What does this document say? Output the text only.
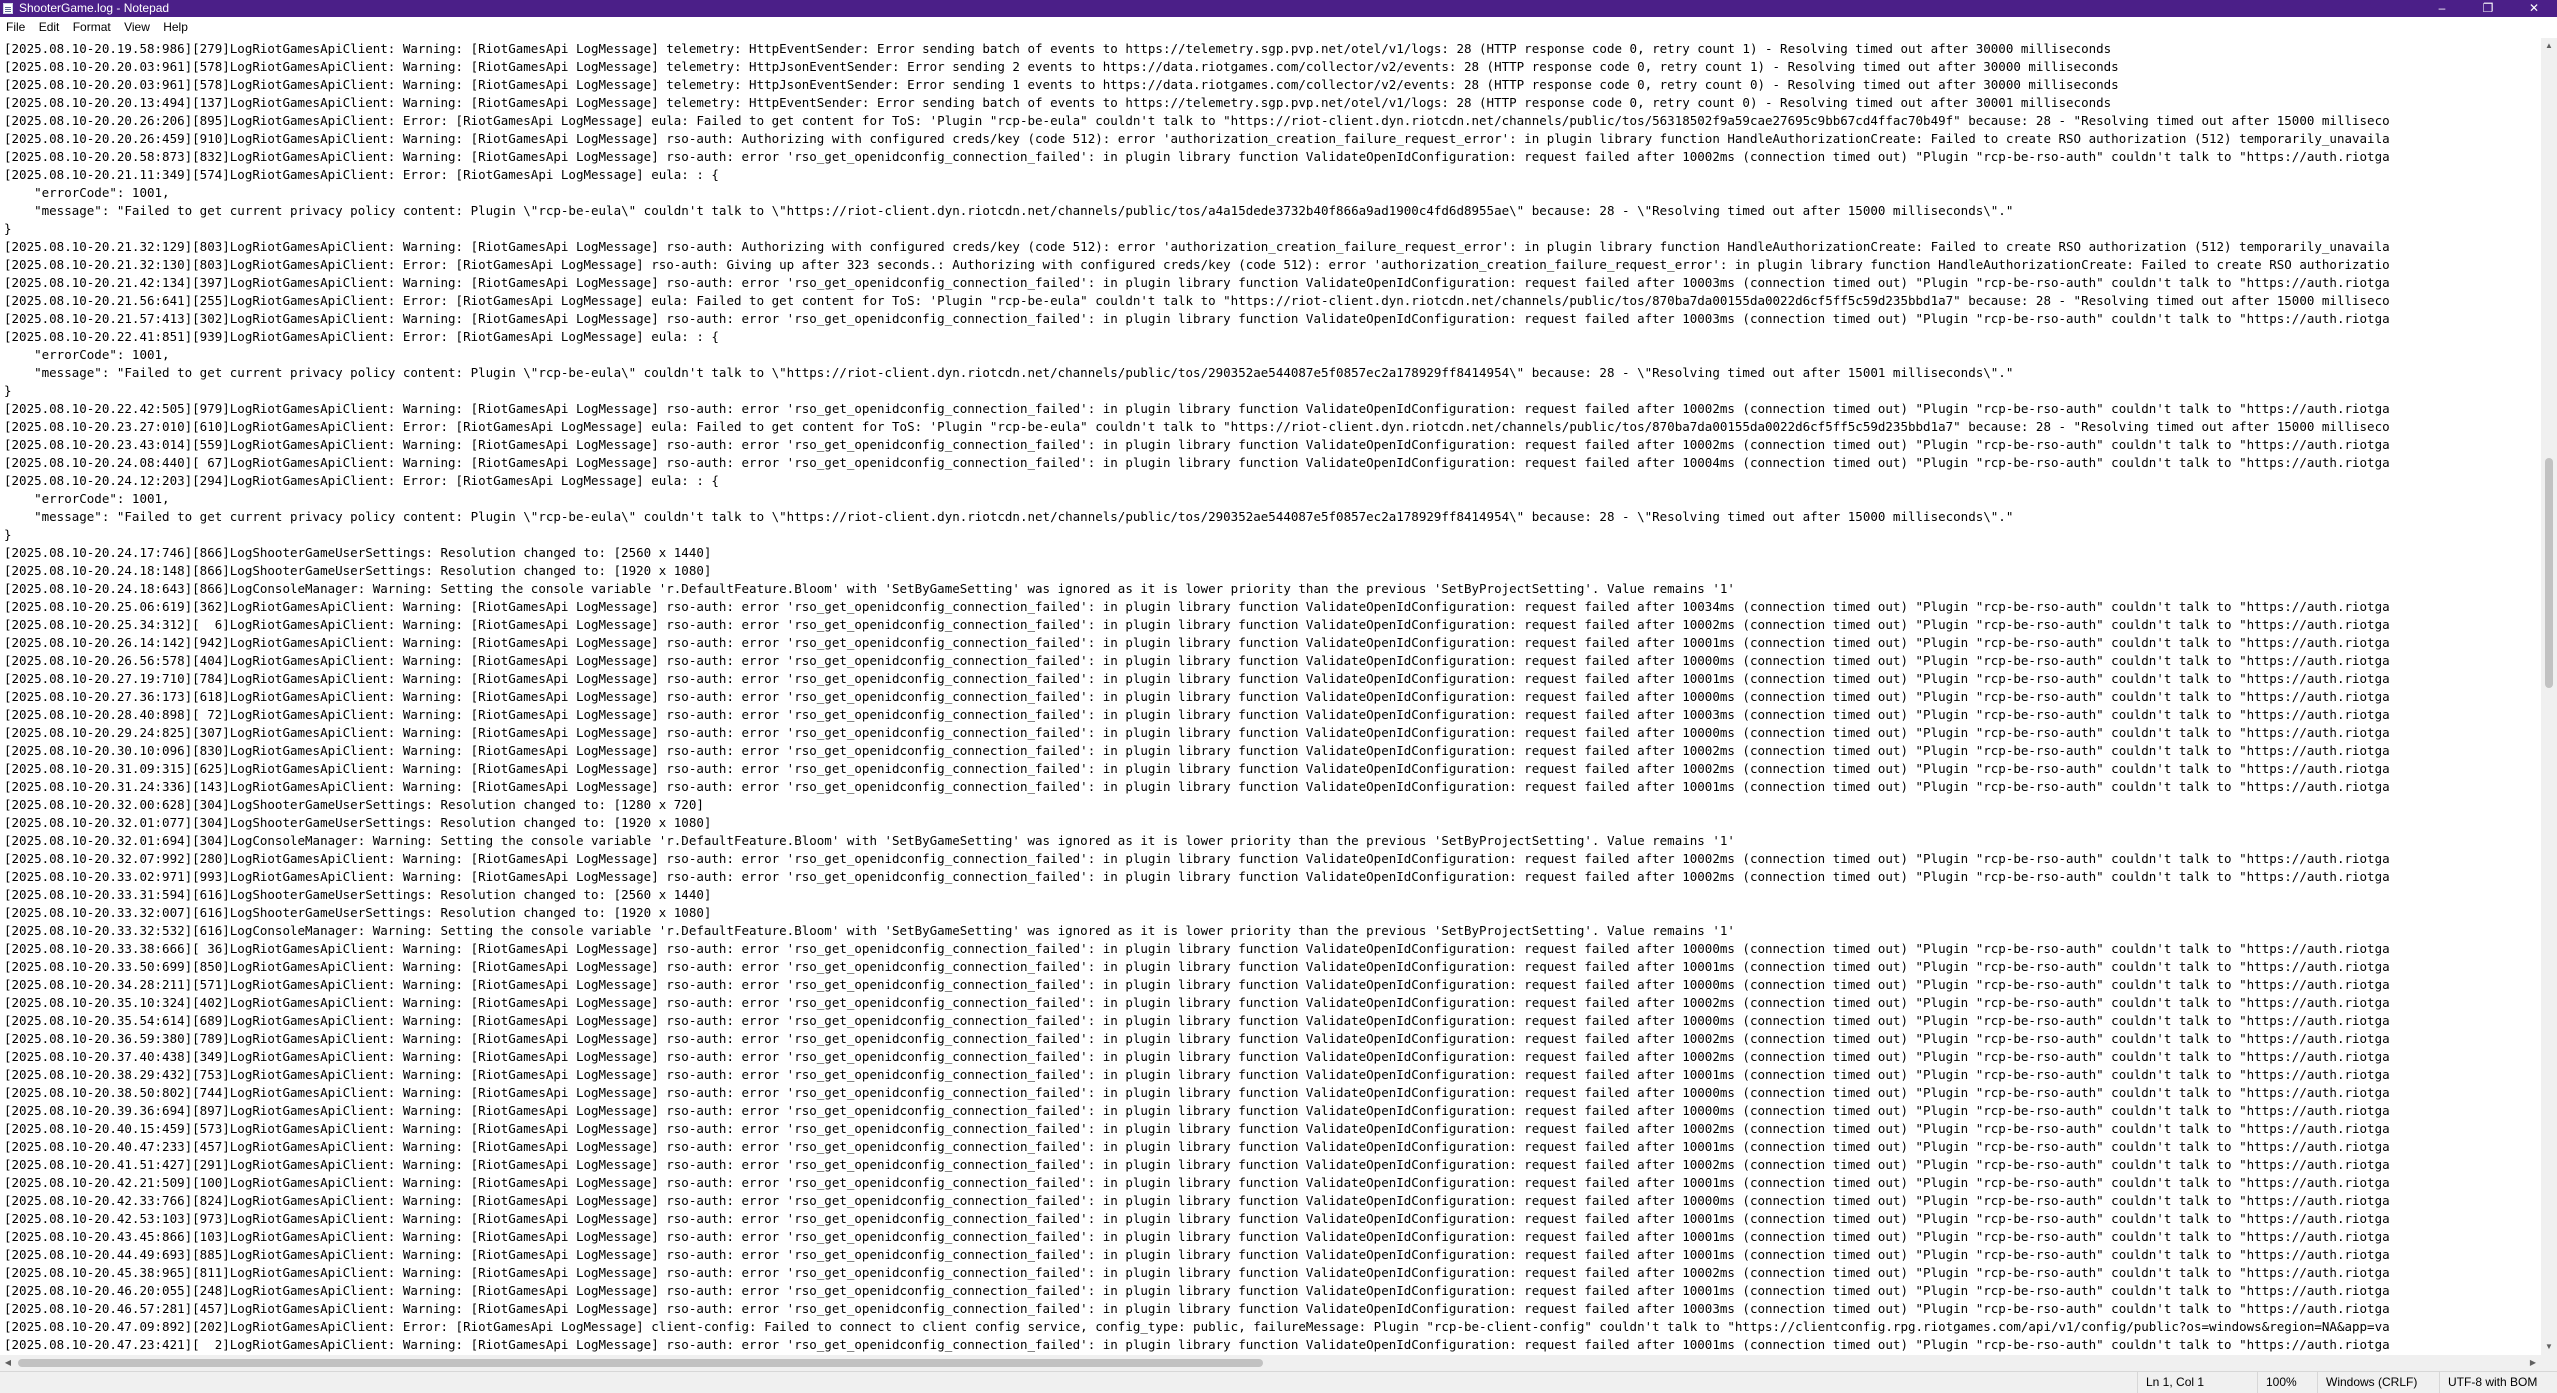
ShooterGame.log - Notepad	–	❐	✕
File Edit Format View Help
[2025.08.10-20.19.58:986][279]LogRiotGamesApiClient: Warning: [RiotGamesApi LogMessage] telemetry: HttpEventSender: Error sending batch of events to https://telemetry.sgp.pvp.net/otel/v1/logs: 28 (HTTP response code 0, retry count 1) - Resolving timed out after 30000 milliseconds
[2025.08.10-20.20.03:961][578]LogRiotGamesApiClient: Warning: [RiotGamesApi LogMessage] telemetry: HttpJsonEventSender: Error sending 2 events to https://data.riotgames.com/collector/v2/events: 28 (HTTP response code 0, retry count 1) - Resolving timed out after 30000 milliseconds
[2025.08.10-20.20.03:961][578]LogRiotGamesApiClient: Warning: [RiotGamesApi LogMessage] telemetry: HttpJsonEventSender: Error sending 1 events to https://data.riotgames.com/collector/v2/events: 28 (HTTP response code 0, retry count 0) - Resolving timed out after 30000 milliseconds
[2025.08.10-20.20.13:494][137]LogRiotGamesApiClient: Warning: [RiotGamesApi LogMessage] telemetry: HttpEventSender: Error sending batch of events to https://telemetry.sgp.pvp.net/otel/v1/logs: 28 (HTTP response code 0, retry count 0) - Resolving timed out after 30001 milliseconds
[2025.08.10-20.20.26:206][895]LogRiotGamesApiClient: Error: [RiotGamesApi LogMessage] eula: Failed to get content for ToS: 'Plugin "rcp-be-eula" couldn't talk to "https://riot-client.dyn.riotcdn.net/channels/public/tos/56318502f9a59cae27695c9bb67cd4ffac70b49f" because: 28 - "Resolving timed out after 15000 milliseco
[2025.08.10-20.20.26:459][910]LogRiotGamesApiClient: Warning: [RiotGamesApi LogMessage] rso-auth: Authorizing with configured creds/key (code 512): error 'authorization_creation_failure_request_error': in plugin library function HandleAuthorizationCreate: Failed to create RSO authorization (512) temporarily_unavaila
[2025.08.10-20.20.58:873][832]LogRiotGamesApiClient: Warning: [RiotGamesApi LogMessage] rso-auth: error 'rso_get_openidconfig_connection_failed': in plugin library function ValidateOpenIdConfiguration: request failed after 10002ms (connection timed out) "Plugin "rcp-be-rso-auth" couldn't talk to "https://auth.riotga
[2025.08.10-20.21.11:349][574]LogRiotGamesApiClient: Error: [RiotGamesApi LogMessage] eula: : {
"errorCode": 1001,
"message": "Failed to get current privacy policy content: Plugin \"rcp-be-eula\" couldn't talk to \"https://riot-client.dyn.riotcdn.net/channels/public/tos/a4a15dede3732b40f866a9ad1900c4fd6d8955ae\" because: 28 - \"Resolving timed out after 15000 milliseconds\"."
}
[2025.08.10-20.21.32:129][803]LogRiotGamesApiClient: Warning: [RiotGamesApi LogMessage] rso-auth: Authorizing with configured creds/key (code 512): error 'authorization_creation_failure_request_error': in plugin library function HandleAuthorizationCreate: Failed to create RSO authorization (512) temporarily_unavaila
[2025.08.10-20.21.32:130][803]LogRiotGamesApiClient: Error: [RiotGamesApi LogMessage] rso-auth: Giving up after 323 seconds.: Authorizing with configured creds/key (code 512): error 'authorization_creation_failure_request_error': in plugin library function HandleAuthorizationCreate: Failed to create RSO authorizatio
[2025.08.10-20.21.42:134][397]LogRiotGamesApiClient: Warning: [RiotGamesApi LogMessage] rso-auth: error 'rso_get_openidconfig_connection_failed': in plugin library function ValidateOpenIdConfiguration: request failed after 10003ms (connection timed out) "Plugin "rcp-be-rso-auth" couldn't talk to "https://auth.riotga
[2025.08.10-20.21.56:641][255]LogRiotGamesApiClient: Error: [RiotGamesApi LogMessage] eula: Failed to get content for ToS: 'Plugin "rcp-be-eula" couldn't talk to "https://riot-client.dyn.riotcdn.net/channels/public/tos/870ba7da00155da0022d6cf5ff5c59d235bbd1a7" because: 28 - "Resolving timed out after 15000 milliseco
[2025.08.10-20.21.57:413][302]LogRiotGamesApiClient: Warning: [RiotGamesApi LogMessage] rso-auth: error 'rso_get_openidconfig_connection_failed': in plugin library function ValidateOpenIdConfiguration: request failed after 10003ms (connection timed out) "Plugin "rcp-be-rso-auth" couldn't talk to "https://auth.riotga
[2025.08.10-20.22.41:851][939]LogRiotGamesApiClient: Error: [RiotGamesApi LogMessage] eula: : {
"errorCode": 1001,
"message": "Failed to get current privacy policy content: Plugin \"rcp-be-eula\" couldn't talk to \"https://riot-client.dyn.riotcdn.net/channels/public/tos/290352ae544087e5f0857ec2a178929ff8414954\" because: 28 - \"Resolving timed out after 15001 milliseconds\"."
}
[2025.08.10-20.22.42:505][979]LogRiotGamesApiClient: Warning: [RiotGamesApi LogMessage] rso-auth: error 'rso_get_openidconfig_connection_failed': in plugin library function ValidateOpenIdConfiguration: request failed after 10002ms (connection timed out) "Plugin "rcp-be-rso-auth" couldn't talk to "https://auth.riotga
[2025.08.10-20.23.27:010][610]LogRiotGamesApiClient: Error: [RiotGamesApi LogMessage] eula: Failed to get content for ToS: 'Plugin "rcp-be-eula" couldn't talk to "https://riot-client.dyn.riotcdn.net/channels/public/tos/870ba7da00155da0022d6cf5ff5c59d235bbd1a7" because: 28 - "Resolving timed out after 15000 milliseco
[2025.08.10-20.23.43:014][559]LogRiotGamesApiClient: Warning: [RiotGamesApi LogMessage] rso-auth: error 'rso_get_openidconfig_connection_failed': in plugin library function ValidateOpenIdConfiguration: request failed after 10002ms (connection timed out) "Plugin "rcp-be-rso-auth" couldn't talk to "https://auth.riotga
[2025.08.10-20.24.08:440][ 67]LogRiotGamesApiClient: Warning: [RiotGamesApi LogMessage] rso-auth: error 'rso_get_openidconfig_connection_failed': in plugin library function ValidateOpenIdConfiguration: request failed after 10004ms (connection timed out) "Plugin "rcp-be-rso-auth" couldn't talk to "https://auth.riotga
[2025.08.10-20.24.12:203][294]LogRiotGamesApiClient: Error: [RiotGamesApi LogMessage] eula: : {
"errorCode": 1001,
"message": "Failed to get current privacy policy content: Plugin \"rcp-be-eula\" couldn't talk to \"https://riot-client.dyn.riotcdn.net/channels/public/tos/290352ae544087e5f0857ec2a178929ff8414954\" because: 28 - \"Resolving timed out after 15000 milliseconds\"."
}
[2025.08.10-20.24.17:746][866]LogShooterGameUserSettings: Resolution changed to: [2560 x 1440]
[2025.08.10-20.24.18:148][866]LogShooterGameUserSettings: Resolution changed to: [1920 x 1080]
[2025.08.10-20.24.18:643][866]LogConsoleManager: Warning: Setting the console variable 'r.DefaultFeature.Bloom' with 'SetByGameSetting' was ignored as it is lower priority than the previous 'SetByProjectSetting'. Value remains '1'
[2025.08.10-20.25.06:619][362]LogRiotGamesApiClient: Warning: [RiotGamesApi LogMessage] rso-auth: error 'rso_get_openidconfig_connection_failed': in plugin library function ValidateOpenIdConfiguration: request failed after 10034ms (connection timed out) "Plugin "rcp-be-rso-auth" couldn't talk to "https://auth.riotga
[2025.08.10-20.25.34:312][  6]LogRiotGamesApiClient: Warning: [RiotGamesApi LogMessage] rso-auth: error 'rso_get_openidconfig_connection_failed': in plugin library function ValidateOpenIdConfiguration: request failed after 10002ms (connection timed out) "Plugin "rcp-be-rso-auth" couldn't talk to "https://auth.riotga
[2025.08.10-20.26.14:142][942]LogRiotGamesApiClient: Warning: [RiotGamesApi LogMessage] rso-auth: error 'rso_get_openidconfig_connection_failed': in plugin library function ValidateOpenIdConfiguration: request failed after 10001ms (connection timed out) "Plugin "rcp-be-rso-auth" couldn't talk to "https://auth.riotga
[2025.08.10-20.26.56:578][404]LogRiotGamesApiClient: Warning: [RiotGamesApi LogMessage] rso-auth: error 'rso_get_openidconfig_connection_failed': in plugin library function ValidateOpenIdConfiguration: request failed after 10000ms (connection timed out) "Plugin "rcp-be-rso-auth" couldn't talk to "https://auth.riotga
[2025.08.10-20.27.19:710][784]LogRiotGamesApiClient: Warning: [RiotGamesApi LogMessage] rso-auth: error 'rso_get_openidconfig_connection_failed': in plugin library function ValidateOpenIdConfiguration: request failed after 10001ms (connection timed out) "Plugin "rcp-be-rso-auth" couldn't talk to "https://auth.riotga
[2025.08.10-20.27.36:173][618]LogRiotGamesApiClient: Warning: [RiotGamesApi LogMessage] rso-auth: error 'rso_get_openidconfig_connection_failed': in plugin library function ValidateOpenIdConfiguration: request failed after 10000ms (connection timed out) "Plugin "rcp-be-rso-auth" couldn't talk to "https://auth.riotga
[2025.08.10-20.28.40:898][ 72]LogRiotGamesApiClient: Warning: [RiotGamesApi LogMessage] rso-auth: error 'rso_get_openidconfig_connection_failed': in plugin library function ValidateOpenIdConfiguration: request failed after 10003ms (connection timed out) "Plugin "rcp-be-rso-auth" couldn't talk to "https://auth.riotga
[2025.08.10-20.29.24:825][307]LogRiotGamesApiClient: Warning: [RiotGamesApi LogMessage] rso-auth: error 'rso_get_openidconfig_connection_failed': in plugin library function ValidateOpenIdConfiguration: request failed after 10000ms (connection timed out) "Plugin "rcp-be-rso-auth" couldn't talk to "https://auth.riotga
[2025.08.10-20.30.10:096][830]LogRiotGamesApiClient: Warning: [RiotGamesApi LogMessage] rso-auth: error 'rso_get_openidconfig_connection_failed': in plugin library function ValidateOpenIdConfiguration: request failed after 10002ms (connection timed out) "Plugin "rcp-be-rso-auth" couldn't talk to "https://auth.riotga
[2025.08.10-20.31.09:315][625]LogRiotGamesApiClient: Warning: [RiotGamesApi LogMessage] rso-auth: error 'rso_get_openidconfig_connection_failed': in plugin library function ValidateOpenIdConfiguration: request failed after 10002ms (connection timed out) "Plugin "rcp-be-rso-auth" couldn't talk to "https://auth.riotga
[2025.08.10-20.31.24:336][143]LogRiotGamesApiClient: Warning: [RiotGamesApi LogMessage] rso-auth: error 'rso_get_openidconfig_connection_failed': in plugin library function ValidateOpenIdConfiguration: request failed after 10001ms (connection timed out) "Plugin "rcp-be-rso-auth" couldn't talk to "https://auth.riotga
[2025.08.10-20.32.00:628][304]LogShooterGameUserSettings: Resolution changed to: [1280 x 720]
[2025.08.10-20.32.01:077][304]LogShooterGameUserSettings: Resolution changed to: [1920 x 1080]
[2025.08.10-20.32.01:694][304]LogConsoleManager: Warning: Setting the console variable 'r.DefaultFeature.Bloom' with 'SetByGameSetting' was ignored as it is lower priority than the previous 'SetByProjectSetting'. Value remains '1'
[2025.08.10-20.32.07:992][280]LogRiotGamesApiClient: Warning: [RiotGamesApi LogMessage] rso-auth: error 'rso_get_openidconfig_connection_failed': in plugin library function ValidateOpenIdConfiguration: request failed after 10002ms (connection timed out) "Plugin "rcp-be-rso-auth" couldn't talk to "https://auth.riotga
[2025.08.10-20.33.02:971][993]LogRiotGamesApiClient: Warning: [RiotGamesApi LogMessage] rso-auth: error 'rso_get_openidconfig_connection_failed': in plugin library function ValidateOpenIdConfiguration: request failed after 10002ms (connection timed out) "Plugin "rcp-be-rso-auth" couldn't talk to "https://auth.riotga
[2025.08.10-20.33.31:594][616]LogShooterGameUserSettings: Resolution changed to: [2560 x 1440]
[2025.08.10-20.33.32:007][616]LogShooterGameUserSettings: Resolution changed to: [1920 x 1080]
[2025.08.10-20.33.32:532][616]LogConsoleManager: Warning: Setting the console variable 'r.DefaultFeature.Bloom' with 'SetByGameSetting' was ignored as it is lower priority than the previous 'SetByProjectSetting'. Value remains '1'
[2025.08.10-20.33.38:666][ 36]LogRiotGamesApiClient: Warning: [RiotGamesApi LogMessage] rso-auth: error 'rso_get_openidconfig_connection_failed': in plugin library function ValidateOpenIdConfiguration: request failed after 10000ms (connection timed out) "Plugin "rcp-be-rso-auth" couldn't talk to "https://auth.riotga
[2025.08.10-20.33.50:699][850]LogRiotGamesApiClient: Warning: [RiotGamesApi LogMessage] rso-auth: error 'rso_get_openidconfig_connection_failed': in plugin library function ValidateOpenIdConfiguration: request failed after 10001ms (connection timed out) "Plugin "rcp-be-rso-auth" couldn't talk to "https://auth.riotga
[2025.08.10-20.34.28:211][571]LogRiotGamesApiClient: Warning: [RiotGamesApi LogMessage] rso-auth: error 'rso_get_openidconfig_connection_failed': in plugin library function ValidateOpenIdConfiguration: request failed after 10000ms (connection timed out) "Plugin "rcp-be-rso-auth" couldn't talk to "https://auth.riotga
[2025.08.10-20.35.10:324][402]LogRiotGamesApiClient: Warning: [RiotGamesApi LogMessage] rso-auth: error 'rso_get_openidconfig_connection_failed': in plugin library function ValidateOpenIdConfiguration: request failed after 10002ms (connection timed out) "Plugin "rcp-be-rso-auth" couldn't talk to "https://auth.riotga
[2025.08.10-20.35.54:614][689]LogRiotGamesApiClient: Warning: [RiotGamesApi LogMessage] rso-auth: error 'rso_get_openidconfig_connection_failed': in plugin library function ValidateOpenIdConfiguration: request failed after 10000ms (connection timed out) "Plugin "rcp-be-rso-auth" couldn't talk to "https://auth.riotga
[2025.08.10-20.36.59:380][789]LogRiotGamesApiClient: Warning: [RiotGamesApi LogMessage] rso-auth: error 'rso_get_openidconfig_connection_failed': in plugin library function ValidateOpenIdConfiguration: request failed after 10002ms (connection timed out) "Plugin "rcp-be-rso-auth" couldn't talk to "https://auth.riotga
[2025.08.10-20.37.40:438][349]LogRiotGamesApiClient: Warning: [RiotGamesApi LogMessage] rso-auth: error 'rso_get_openidconfig_connection_failed': in plugin library function ValidateOpenIdConfiguration: request failed after 10002ms (connection timed out) "Plugin "rcp-be-rso-auth" couldn't talk to "https://auth.riotga
[2025.08.10-20.38.29:432][753]LogRiotGamesApiClient: Warning: [RiotGamesApi LogMessage] rso-auth: error 'rso_get_openidconfig_connection_failed': in plugin library function ValidateOpenIdConfiguration: request failed after 10001ms (connection timed out) "Plugin "rcp-be-rso-auth" couldn't talk to "https://auth.riotga
[2025.08.10-20.38.50:802][744]LogRiotGamesApiClient: Warning: [RiotGamesApi LogMessage] rso-auth: error 'rso_get_openidconfig_connection_failed': in plugin library function ValidateOpenIdConfiguration: request failed after 10000ms (connection timed out) "Plugin "rcp-be-rso-auth" couldn't talk to "https://auth.riotga
[2025.08.10-20.39.36:694][897]LogRiotGamesApiClient: Warning: [RiotGamesApi LogMessage] rso-auth: error 'rso_get_openidconfig_connection_failed': in plugin library function ValidateOpenIdConfiguration: request failed after 10000ms (connection timed out) "Plugin "rcp-be-rso-auth" couldn't talk to "https://auth.riotga
[2025.08.10-20.40.15:459][573]LogRiotGamesApiClient: Warning: [RiotGamesApi LogMessage] rso-auth: error 'rso_get_openidconfig_connection_failed': in plugin library function ValidateOpenIdConfiguration: request failed after 10002ms (connection timed out) "Plugin "rcp-be-rso-auth" couldn't talk to "https://auth.riotga
[2025.08.10-20.40.47:233][457]LogRiotGamesApiClient: Warning: [RiotGamesApi LogMessage] rso-auth: error 'rso_get_openidconfig_connection_failed': in plugin library function ValidateOpenIdConfiguration: request failed after 10001ms (connection timed out) "Plugin "rcp-be-rso-auth" couldn't talk to "https://auth.riotga
[2025.08.10-20.41.51:427][291]LogRiotGamesApiClient: Warning: [RiotGamesApi LogMessage] rso-auth: error 'rso_get_openidconfig_connection_failed': in plugin library function ValidateOpenIdConfiguration: request failed after 10002ms (connection timed out) "Plugin "rcp-be-rso-auth" couldn't talk to "https://auth.riotga
[2025.08.10-20.42.21:509][100]LogRiotGamesApiClient: Warning: [RiotGamesApi LogMessage] rso-auth: error 'rso_get_openidconfig_connection_failed': in plugin library function ValidateOpenIdConfiguration: request failed after 10001ms (connection timed out) "Plugin "rcp-be-rso-auth" couldn't talk to "https://auth.riotga
[2025.08.10-20.42.33:766][824]LogRiotGamesApiClient: Warning: [RiotGamesApi LogMessage] rso-auth: error 'rso_get_openidconfig_connection_failed': in plugin library function ValidateOpenIdConfiguration: request failed after 10000ms (connection timed out) "Plugin "rcp-be-rso-auth" couldn't talk to "https://auth.riotga
[2025.08.10-20.42.53:103][973]LogRiotGamesApiClient: Warning: [RiotGamesApi LogMessage] rso-auth: error 'rso_get_openidconfig_connection_failed': in plugin library function ValidateOpenIdConfiguration: request failed after 10001ms (connection timed out) "Plugin "rcp-be-rso-auth" couldn't talk to "https://auth.riotga
[2025.08.10-20.43.45:866][103]LogRiotGamesApiClient: Warning: [RiotGamesApi LogMessage] rso-auth: error 'rso_get_openidconfig_connection_failed': in plugin library function ValidateOpenIdConfiguration: request failed after 10001ms (connection timed out) "Plugin "rcp-be-rso-auth" couldn't talk to "https://auth.riotga
[2025.08.10-20.44.49:693][885]LogRiotGamesApiClient: Warning: [RiotGamesApi LogMessage] rso-auth: error 'rso_get_openidconfig_connection_failed': in plugin library function ValidateOpenIdConfiguration: request failed after 10001ms (connection timed out) "Plugin "rcp-be-rso-auth" couldn't talk to "https://auth.riotga
[2025.08.10-20.45.38:965][811]LogRiotGamesApiClient: Warning: [RiotGamesApi LogMessage] rso-auth: error 'rso_get_openidconfig_connection_failed': in plugin library function ValidateOpenIdConfiguration: request failed after 10002ms (connection timed out) "Plugin "rcp-be-rso-auth" couldn't talk to "https://auth.riotga
[2025.08.10-20.46.20:055][248]LogRiotGamesApiClient: Warning: [RiotGamesApi LogMessage] rso-auth: error 'rso_get_openidconfig_connection_failed': in plugin library function ValidateOpenIdConfiguration: request failed after 10001ms (connection timed out) "Plugin "rcp-be-rso-auth" couldn't talk to "https://auth.riotga
[2025.08.10-20.46.57:281][457]LogRiotGamesApiClient: Warning: [RiotGamesApi LogMessage] rso-auth: error 'rso_get_openidconfig_connection_failed': in plugin library function ValidateOpenIdConfiguration: request failed after 10003ms (connection timed out) "Plugin "rcp-be-rso-auth" couldn't talk to "https://auth.riotga
[2025.08.10-20.47.09:892][202]LogRiotGamesApiClient: Error: [RiotGamesApi LogMessage] client-config: Failed to connect to client config service, config_type: public, failureMessage: Plugin "rcp-be-client-config" couldn't talk to "https://clientconfig.rpg.riotgames.com/api/v1/config/public?os=windows&region=NA&app=va
[2025.08.10-20.47.23:421][  2]LogRiotGamesApiClient: Warning: [RiotGamesApi LogMessage] rso-auth: error 'rso_get_openidconfig_connection_failed': in plugin library function ValidateOpenIdConfiguration: request failed after 10001ms (connection timed out) "Plugin "rcp-be-rso-auth" couldn't talk to "https://auth.riotga

▲
▼
◀	▶
Ln 1, Col 1	100%	Windows (CRLF)	UTF-8 with BOM
